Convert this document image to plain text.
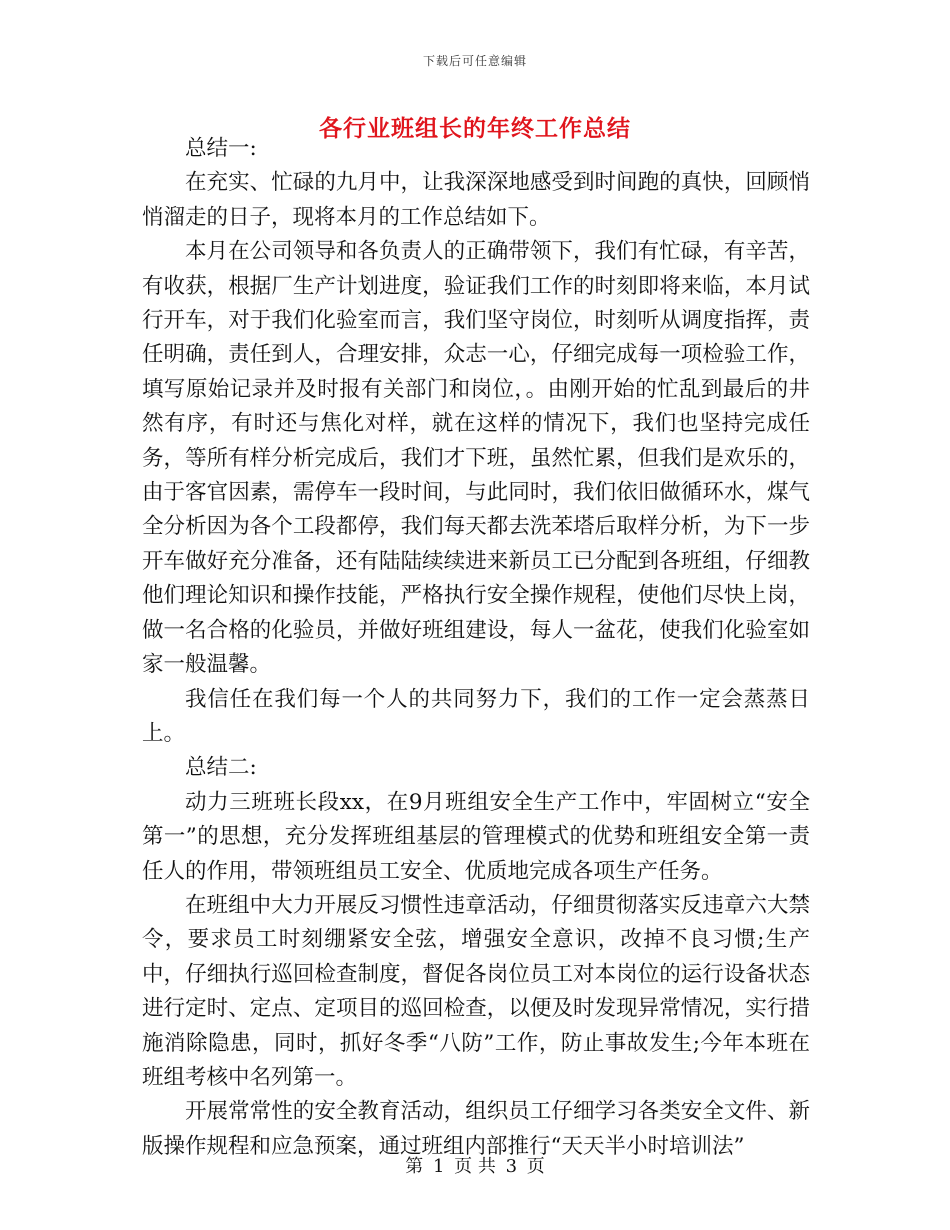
下载后可任意编辑
各行业班组长的年终工作总结

总结一:

在充实、忙碌的九月中，让我深深地感受到时间跑的真快，回顾悄悄溜走的日子，现将本月的工作总结如下。

本月在公司领导和各负责人的正确带领下，我们有忙碌，有辛苦，有收获，根据厂生产计划进度，验证我们工作的时刻即将来临，本月试行开车，对于我们化验室而言，我们坚守岗位，时刻听从调度指挥，责任明确，责任到人，合理安排，众志一心，仔细完成每一项检验工作，填写原始记录并及时报有关部门和岗位，。由刚开始的忙乱到最后的井然有序，有时还与焦化对样，就在这样的情况下，我们也坚持完成任务，等所有样分析完成后，我们才下班，虽然忙累，但我们是欢乐的，由于客官因素，需停车一段时间，与此同时，我们依旧做循环水，煤气全分析因为各个工段都停，我们每天都去洗苯塔后取样分析，为下一步开车做好充分准备，还有陆陆续续进来新员工已分配到各班组，仔细教他们理论知识和操作技能，严格执行安全操作规程，使他们尽快上岗，做一名合格的化验员，并做好班组建设，每人一盆花，使我们化验室如家一般温馨。

我信任在我们每一个人的共同努力下，我们的工作一定会蒸蒸日上。

总结二:

动力三班班长段xx，在9月班组安全生产工作中，牢固树立“安全第一”的思想，充分发挥班组基层的管理模式的优势和班组安全第一责任人的作用，带领班组员工安全、优质地完成各项生产任务。

在班组中大力开展反习惯性违章活动，仔细贯彻落实反违章六大禁令，要求员工时刻绷紧安全弦，增强安全意识，改掉不良习惯;生产中，仔细执行巡回检查制度，督促各岗位员工对本岗位的运行设备状态进行定时、定点、定项目的巡回检查，以便及时发现异常情况，实行措施消除隐患，同时，抓好冬季“八防”工作，防止事故发生;今年本班在班组考核中名列第一。

开展常常性的安全教育活动，组织员工仔细学习各类安全文件、新版操作规程和应急预案，通过班组内部推行“天天半小时培训法”

第 1 页 共 3 页
